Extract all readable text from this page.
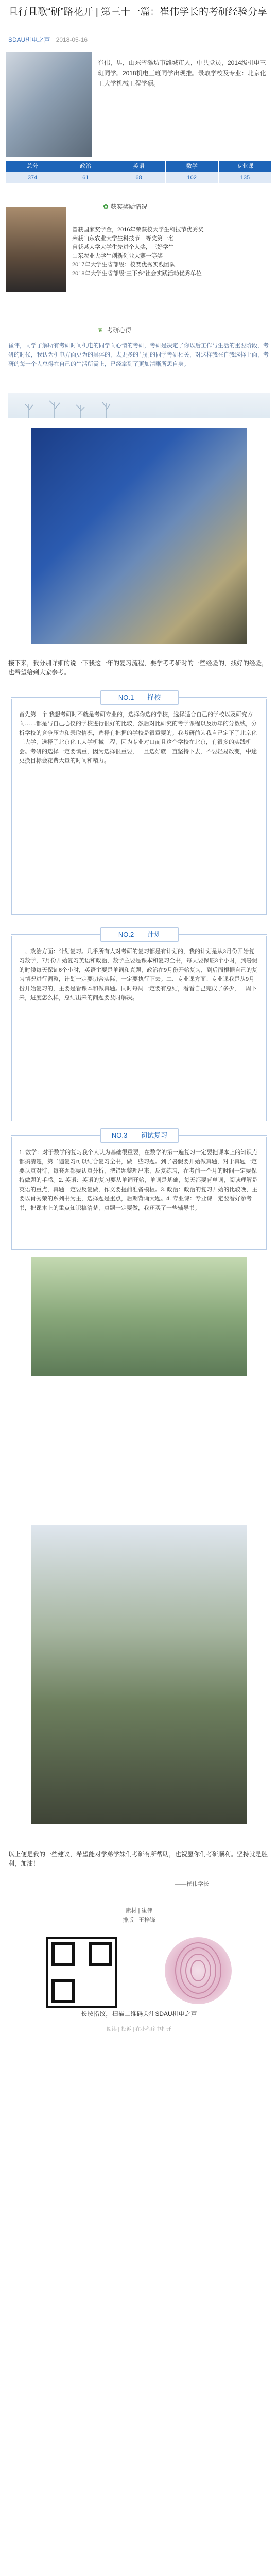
且行且歌“研”路花开 | 第三十一篇：崔伟学长的考研经验分享
SDAU机电之声 2018-05-16
崔伟，男，山东省潍坊市潍城市人，中共党员，2014级机电三班同学。2018机电三班同学出现推。录取学校及专业：北京化工大学机械工程学硕。
总分	政治	英语	数学	专业课
374	61	68	102	135
✿ 获奖奖励情况
曾获国家奖学金，2016年荣获校大学生科技节优秀奖
荣获山东农业大学生科技节一等奖第一名
曾获某大学大学生先进个人奖，三好学生
山东农业大学生创新创业大赛一等奖
2017年大学生省部级：校赛优秀实践团队
2018年大学生省部级“三下乡”社会实践活动优秀单位
❦ 考研心得
崔伟，同学了解所有考研时间机电的同学向心情的考研，考研是决定了你以后工作与生活的重要阶段，考研的时候，我认为机电方面更为的具体的，去更多的与别的同学考研相关，对这样我在自我选择上面，考研的每一个人总得在自己的生活所需上，已经拿到了更加清晰所思自身。
接下来，我分别详细的说一下我这一年的复习流程，要学考考研时的一些经验的，找好的经验，也希望给到大家参考。
NO.1——择校
首先第一个 我想考研时不就是考研专业的，选择你选的学校，选择适合自己的学校以及研究方向……都是与自己心仪的学校进行很好的比较，然后对比研究的考学课程以及历年的分数线，分析学校的竞争压力和录取情况，选择有把握的学校是很重要的。我考研前为我自己定下了北京化工大学，选择了北京化工大学机械工程，因为专业对口而且这个学校在北京，有很多的实践机会。考研的选择一定要慎重，因为选择很重要，一旦选好就一直坚持下去，不要轻易改变，中途更换目标会花费大量的时间和精力。
NO.2——计划
一、政治方面：计划复习。几乎所有人对考研的复习都是有计划的，我的计划是从3月份开始复习数学，7月份开始复习英语和政治，数学主要是课本和复习全书，每天要保证3个小时，到暑假的时候每天保证6个小时，英语主要是单词和真题，政治在9月份开始复习，到后面根据自己的复习情况进行调整，计划一定要切合实际，一定要执行下去。二、专业课方面：专业课我是从9月份开始复习的，主要是看课本和做真题。同时每周一定要有总结，看看自己完成了多少，一周下来，进度怎么样，总结出来的问题要及时解决。
NO.3——初试复习
1. 数学：对于数学的复习我个人认为基础很重要，在数学的第一遍复习一定要把课本上的知识点都搞清楚，第二遍复习可以结合复习全书，做一些习题。到了暑假要开始做真题，对于真题一定要认真对待，每套题都要认真分析，把错题整理出来，反复练习，在考前一个月的时间一定要保持做题的手感。2. 英语：英语的复习要从单词开始，单词是基础，每天都要背单词，阅读理解是英语的重点，真题一定要反复做，作文要提前准备模板。3. 政治：政治的复习开始的比较晚，主要以肖秀荣的系列书为主，选择题是重点，后期背诵大题。4. 专业课：专业课一定要看好参考书，把课本上的重点知识搞清楚，真题一定要做，我还买了一些辅导书。
以上便是我的一些建议，希望能对学弟学妹们考研有所帮助，也祝愿你们考研顺利。坚持就是胜利，加油！
——崔伟学长
素材 | 崔伟
排版 | 王梓锋
长按指纹，扫描二维码关注SDAU机电之声
阅读 | 投诉 | 在小程序中打开
